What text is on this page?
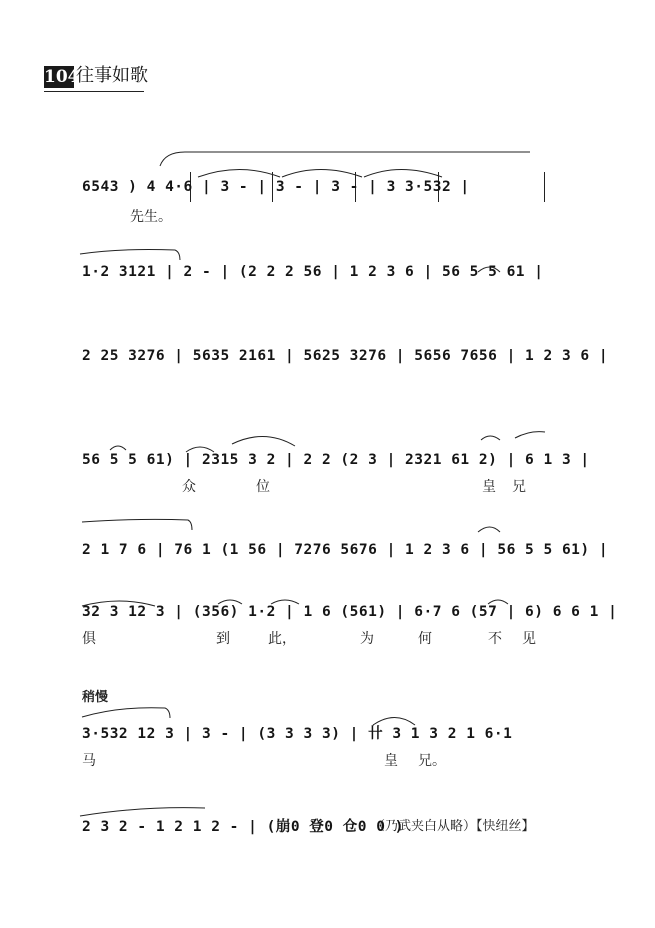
104
往事如歌
6543 ) 4 4·6 | 3 - | 3 - | 3 - | 3 3·532 |
先生。
1·2 3121 | 2 - | (2 2 2 56 | 1 2 3 6 | 56 5 5 61 |
2 25 3276 | 5635 2161 | 5625 3276 | 5656 7656 | 1 2 3 6 |
56 5 5 61) | 2315 3 2 | 2 2 (2 3 | 2321 61 2) | 6 1 3 |
众	位	皇 兄
2 1 7 6 | 76 1 (1 56 | 7276 5676 | 1 2 3 6 | 56 5 5 61) |
32 3 12 3 | (356) 1·2 | 1 6 (561) | 6·7 6 (57 | 6) 6 6 1 |
俱	到	此，	为	何	不 见
稍慢
3·532 12 3 | 3 - | (3 3 3 3) | 卄 3 1 3 2 1 6·1
马	皇 兄。
2 3 2 - 1 2 1 2 - | (崩0 登0 仓0 0 )
（乃武夹白从略）【快纽丝】
